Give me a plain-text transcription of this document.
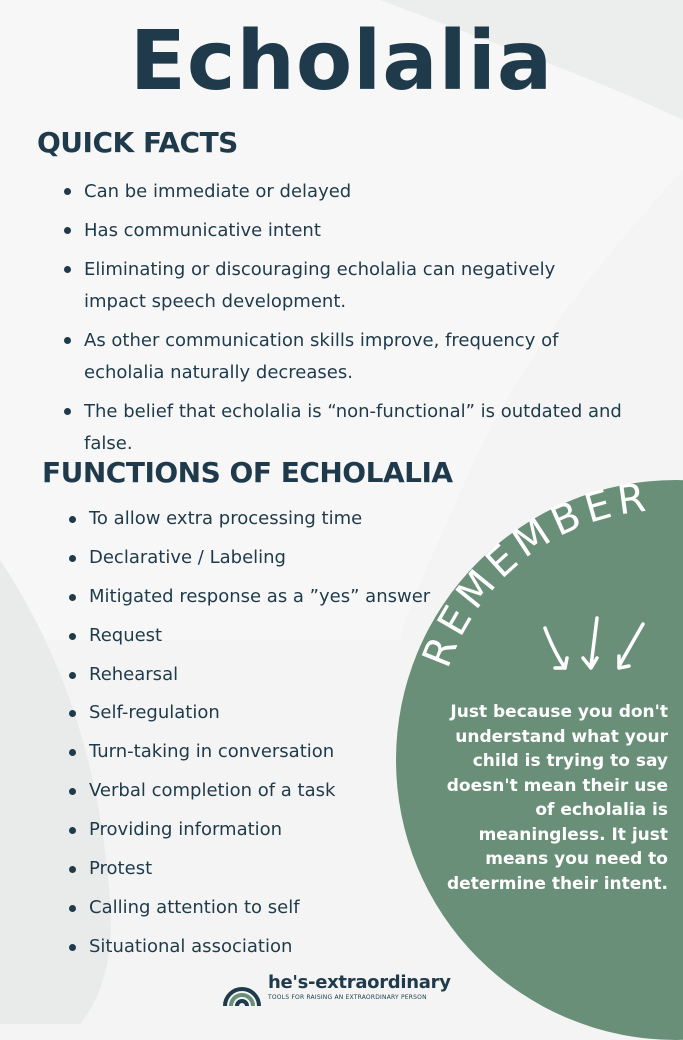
Echolalia
QUICK FACTS
Can be immediate or delayed
Has communicative intent
Eliminating or discouraging echolalia can negatively impact speech development.
As other communication skills improve, frequency of echolalia naturally decreases.
The belief that echolalia is “non-functional” is outdated and false.
FUNCTIONS OF ECHOLALIA
To allow extra processing time
Declarative / Labeling
Mitigated response as a ”yes” answer
Request
Rehearsal
Self-regulation
Turn-taking in conversation
Verbal completion of a task
Providing information
Protest
Calling attention to self
Situational association
REMEMBER

Just because you don't understand what your child is trying to say doesn't mean their use of echolalia is meaningless. It just means you need to determine their intent.

he's-extraordinary

TOOLS FOR RAISING AN EXTRAORDINARY PERSON
